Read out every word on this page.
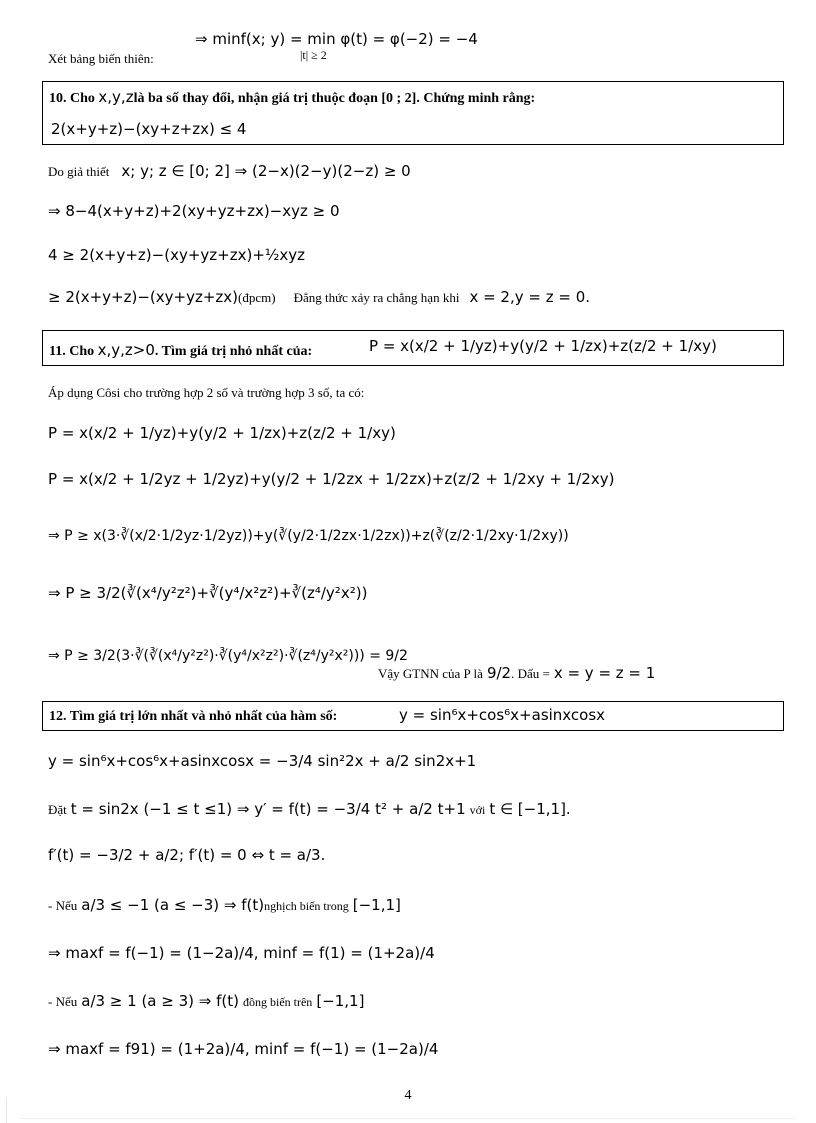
⇒ minf(x; y) = min φ(t) = φ(−2) = −4
|t| ≥ 2
Xét bảng biến thiên:
10. Cho x,y,zlà ba số thay đổi, nhận giá trị thuộc đoạn [0 ; 2]. Chứng minh rằng:
2(x+y+z)−(xy+z+zx) ≤ 4
Do giả thiết x; y; z ∈ [0; 2] ⇒ (2−x)(2−y)(2−z) ≥ 0
⇒ 8−4(x+y+z)+2(xy+yz+zx)−xyz ≥ 0
4 ≥ 2(x+y+z)−(xy+yz+zx)+½xyz
≥ 2(x+y+z)−(xy+yz+zx)(đpcm) Đẳng thức xảy ra chẳng hạn khi x = 2,y = z = 0.
11. Cho x,y,z>0. Tìm giá trị nhỏ nhất của:	P = x(x/2 + 1/yz)+y(y/2 + 1/zx)+z(z/2 + 1/xy)
Áp dụng Côsi cho trường hợp 2 số và trường hợp 3 số, ta có:
P = x(x/2 + 1/yz)+y(y/2 + 1/zx)+z(z/2 + 1/xy)
P = x(x/2 + 1/2yz + 1/2yz)+y(y/2 + 1/2zx + 1/2zx)+z(z/2 + 1/2xy + 1/2xy)
⇒ P ≥ x(3·∛(x/2·1/2yz·1/2yz))+y(∛(y/2·1/2zx·1/2zx))+z(∛(z/2·1/2xy·1/2xy))
⇒ P ≥ 3/2(∛(x⁴/y²z²)+∛(y⁴/x²z²)+∛(z⁴/y²x²))
⇒ P ≥ 3/2(3·∛(∛(x⁴/y²z²)·∛(y⁴/x²z²)·∛(z⁴/y²x²))) = 9/2
Vậy GTNN của P là 9/2. Dấu = x = y = z = 1
12. Tìm giá trị lớn nhất và nhỏ nhất của hàm số:	y = sin⁶x+cos⁶x+asinxcosx
y = sin⁶x+cos⁶x+asinxcosx = −3/4 sin²2x + a/2 sin2x+1
Đặt t = sin2x (−1 ≤ t ≤1) ⇒ y′ = f(t) = −3/4 t² + a/2 t+1 với t ∈ [−1,1].
f′(t) = −3/2 + a/2; f′(t) = 0 ⇔ t = a/3.
- Nếu a/3 ≤ −1 (a ≤ −3) ⇒ f(t)nghịch biến trong [−1,1]
⇒ maxf = f(−1) = (1−2a)/4, minf = f(1) = (1+2a)/4
- Nếu a/3 ≥ 1 (a ≥ 3) ⇒ f(t) đồng biến trên [−1,1]
⇒ maxf = f91) = (1+2a)/4, minf = f(−1) = (1−2a)/4
4
